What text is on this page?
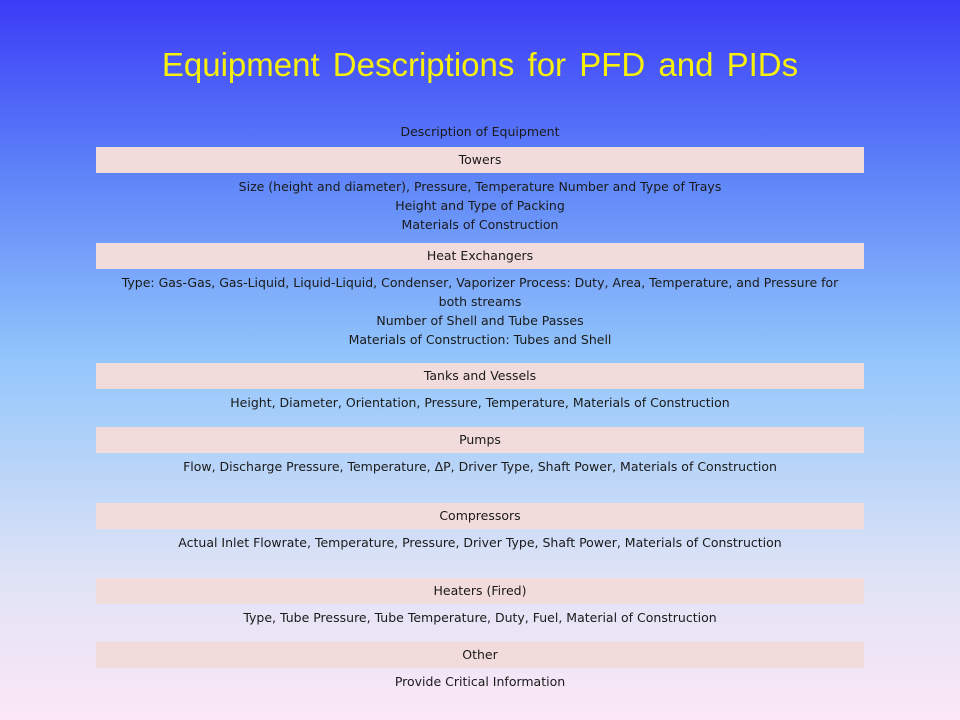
Equipment Descriptions for PFD and PIDs
Description of Equipment
Towers
Size (height and diameter), Pressure, Temperature Number and Type of Trays
Height and Type of Packing
Materials of Construction
Heat Exchangers
Type: Gas-Gas, Gas-Liquid, Liquid-Liquid, Condenser, Vaporizer Process: Duty, Area, Temperature, and Pressure for both streams
Number of Shell and Tube Passes
Materials of Construction: Tubes and Shell
Tanks and Vessels
Height, Diameter, Orientation, Pressure, Temperature, Materials of Construction
Pumps
Flow, Discharge Pressure, Temperature, ΔP, Driver Type, Shaft Power, Materials of Construction
Compressors
Actual Inlet Flowrate, Temperature, Pressure, Driver Type, Shaft Power, Materials of Construction
Heaters (Fired)
Type, Tube Pressure, Tube Temperature, Duty, Fuel, Material of Construction
Other
Provide Critical Information
